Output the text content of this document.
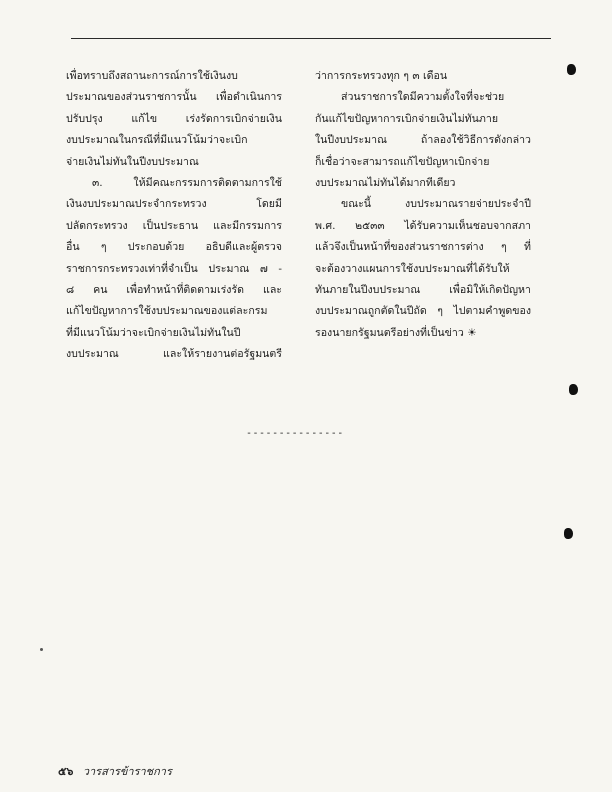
เพื่อทราบถึงสถานะการณ์การใช้เงินงบ
ประมาณของส่วนราชการนั้น เพื่อดำเนินการ
ปรับปรุง แก้ไข เร่งรัดการเบิกจ่ายเงิน
งบประมาณในกรณีที่มีแนวโน้มว่าจะเบิก
จ่ายเงินไม่ทันในปีงบประมาณ
๓. ให้มีคณะกรรมการติดตามการใช้
เงินงบประมาณประจำกระทรวง โดยมี
ปลัดกระทรวง เป็นประธาน และมีกรรมการ
อื่น ๆ ประกอบด้วย อธิบดีและผู้ตรวจ
ราชการกระทรวงเท่าที่จำเป็น ประมาณ ๗ -
๘ คน เพื่อทำหน้าที่ติดตามเร่งรัด และ
แก้ไขปัญหาการใช้งบประมาณของแต่ละกรม
ที่มีแนวโน้มว่าจะเบิกจ่ายเงินไม่ทันในปี
งบประมาณ และให้รายงานต่อรัฐมนตรี
ว่าการกระทรวงทุก ๆ ๓ เดือน
ส่วนราชการใดมีความตั้งใจที่จะช่วย
กันแก้ไขปัญหาการเบิกจ่ายเงินไม่ทันภาย
ในปีงบประมาณ ถ้าลองใช้วิธีการดังกล่าว
ก็เชื่อว่าจะสามารถแก้ไขปัญหาเบิกจ่าย
งบประมาณไม่ทันได้มากทีเดียว
ขณะนี้ งบประมาณรายจ่ายประจำปี
พ.ศ. ๒๕๓๓ ได้รับความเห็นชอบจากสภา
แล้วจึงเป็นหน้าที่ของส่วนราชการต่าง ๆ ที่
จะต้องวางแผนการใช้งบประมาณที่ได้รับให้
ทันภายในปีงบประมาณ เพื่อมิให้เกิดปัญหา
งบประมาณถูกตัดในปีถัด ๆ ไปตามคำพูดของ
รองนายกรัฐมนตรีอย่างที่เป็นข่าว ☀
---------------
๕๖ วารสารข้าราชการ
